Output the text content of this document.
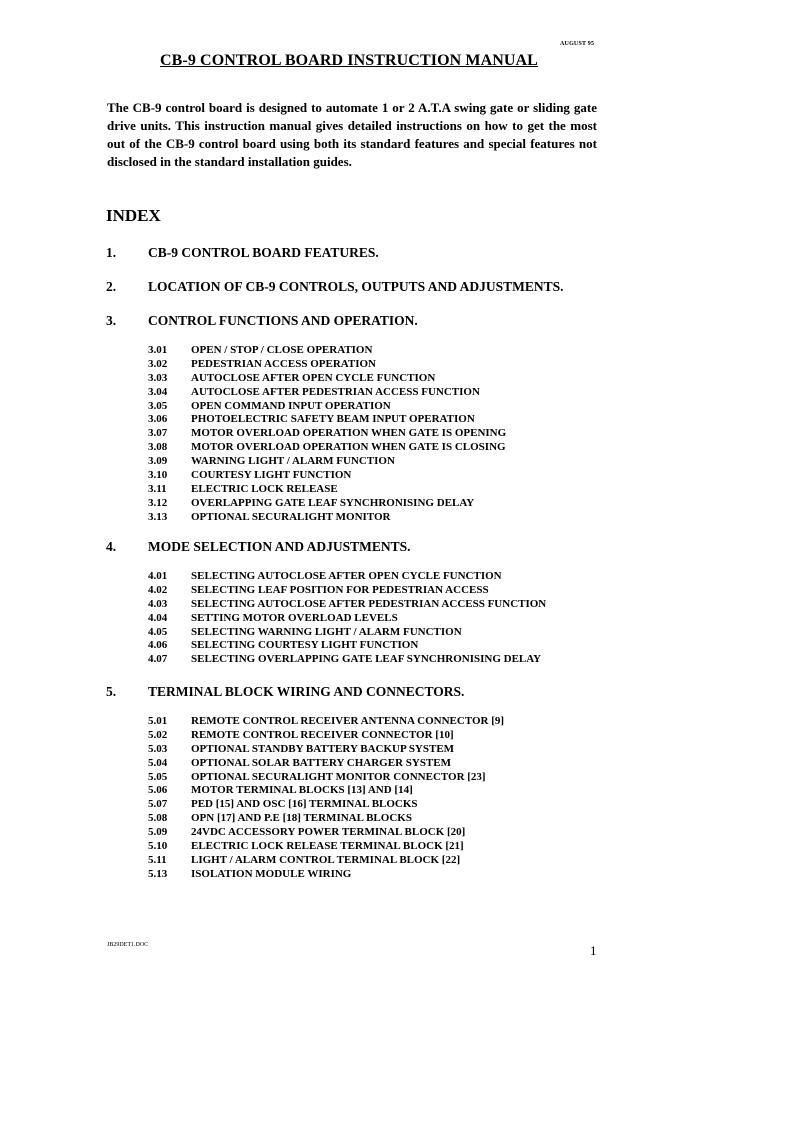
AUGUST 95
CB-9 CONTROL BOARD INSTRUCTION MANUAL
The CB-9 control board is designed to automate 1 or 2 A.T.A swing gate or sliding gate drive units. This instruction manual gives detailed instructions on how to get the most out of the CB-9 control board using both its standard features and special features not disclosed in the standard installation guides.
INDEX
1. CB-9 CONTROL BOARD FEATURES.
2. LOCATION OF CB-9 CONTROLS, OUTPUTS AND ADJUSTMENTS.
3. CONTROL FUNCTIONS AND OPERATION.
3.01 OPEN / STOP / CLOSE OPERATION
3.02 PEDESTRIAN ACCESS OPERATION
3.03 AUTOCLOSE AFTER OPEN CYCLE FUNCTION
3.04 AUTOCLOSE AFTER PEDESTRIAN ACCESS FUNCTION
3.05 OPEN COMMAND INPUT OPERATION
3.06 PHOTOELECTRIC SAFETY BEAM INPUT OPERATION
3.07 MOTOR OVERLOAD OPERATION WHEN GATE IS OPENING
3.08 MOTOR OVERLOAD OPERATION WHEN GATE IS CLOSING
3.09 WARNING LIGHT / ALARM FUNCTION
3.10 COURTESY LIGHT FUNCTION
3.11 ELECTRIC LOCK RELEASE
3.12 OVERLAPPING GATE LEAF SYNCHRONISING DELAY
3.13 OPTIONAL SECURALIGHT MONITOR
4. MODE SELECTION AND ADJUSTMENTS.
4.01 SELECTING AUTOCLOSE AFTER OPEN CYCLE FUNCTION
4.02 SELECTING LEAF POSITION FOR PEDESTRIAN ACCESS
4.03 SELECTING AUTOCLOSE AFTER PEDESTRIAN ACCESS FUNCTION
4.04 SETTING MOTOR OVERLOAD LEVELS
4.05 SELECTING WARNING LIGHT / ALARM FUNCTION
4.06 SELECTING COURTESY LIGHT FUNCTION
4.07 SELECTING OVERLAPPING GATE LEAF SYNCHRONISING DELAY
5. TERMINAL BLOCK WIRING AND CONNECTORS.
5.01 REMOTE CONTROL RECEIVER ANTENNA CONNECTOR [9]
5.02 REMOTE CONTROL RECEIVER CONNECTOR [10]
5.03 OPTIONAL STANDBY BATTERY BACKUP SYSTEM
5.04 OPTIONAL SOLAR BATTERY CHARGER SYSTEM
5.05 OPTIONAL SECURALIGHT MONITOR CONNECTOR [23]
5.06 MOTOR TERMINAL BLOCKS [13] AND [14]
5.07 PED [15] AND OSC [16] TERMINAL BLOCKS
5.08 OPN [17] AND P.E [18] TERMINAL BLOCKS
5.09 24VDC ACCESSORY POWER TERMINAL BLOCK [20]
5.10 ELECTRIC LOCK RELEASE TERMINAL BLOCK [21]
5.11 LIGHT / ALARM CONTROL TERMINAL BLOCK [22]
5.13 ISOLATION MODULE WIRING
JB29DET1.DOC	1
